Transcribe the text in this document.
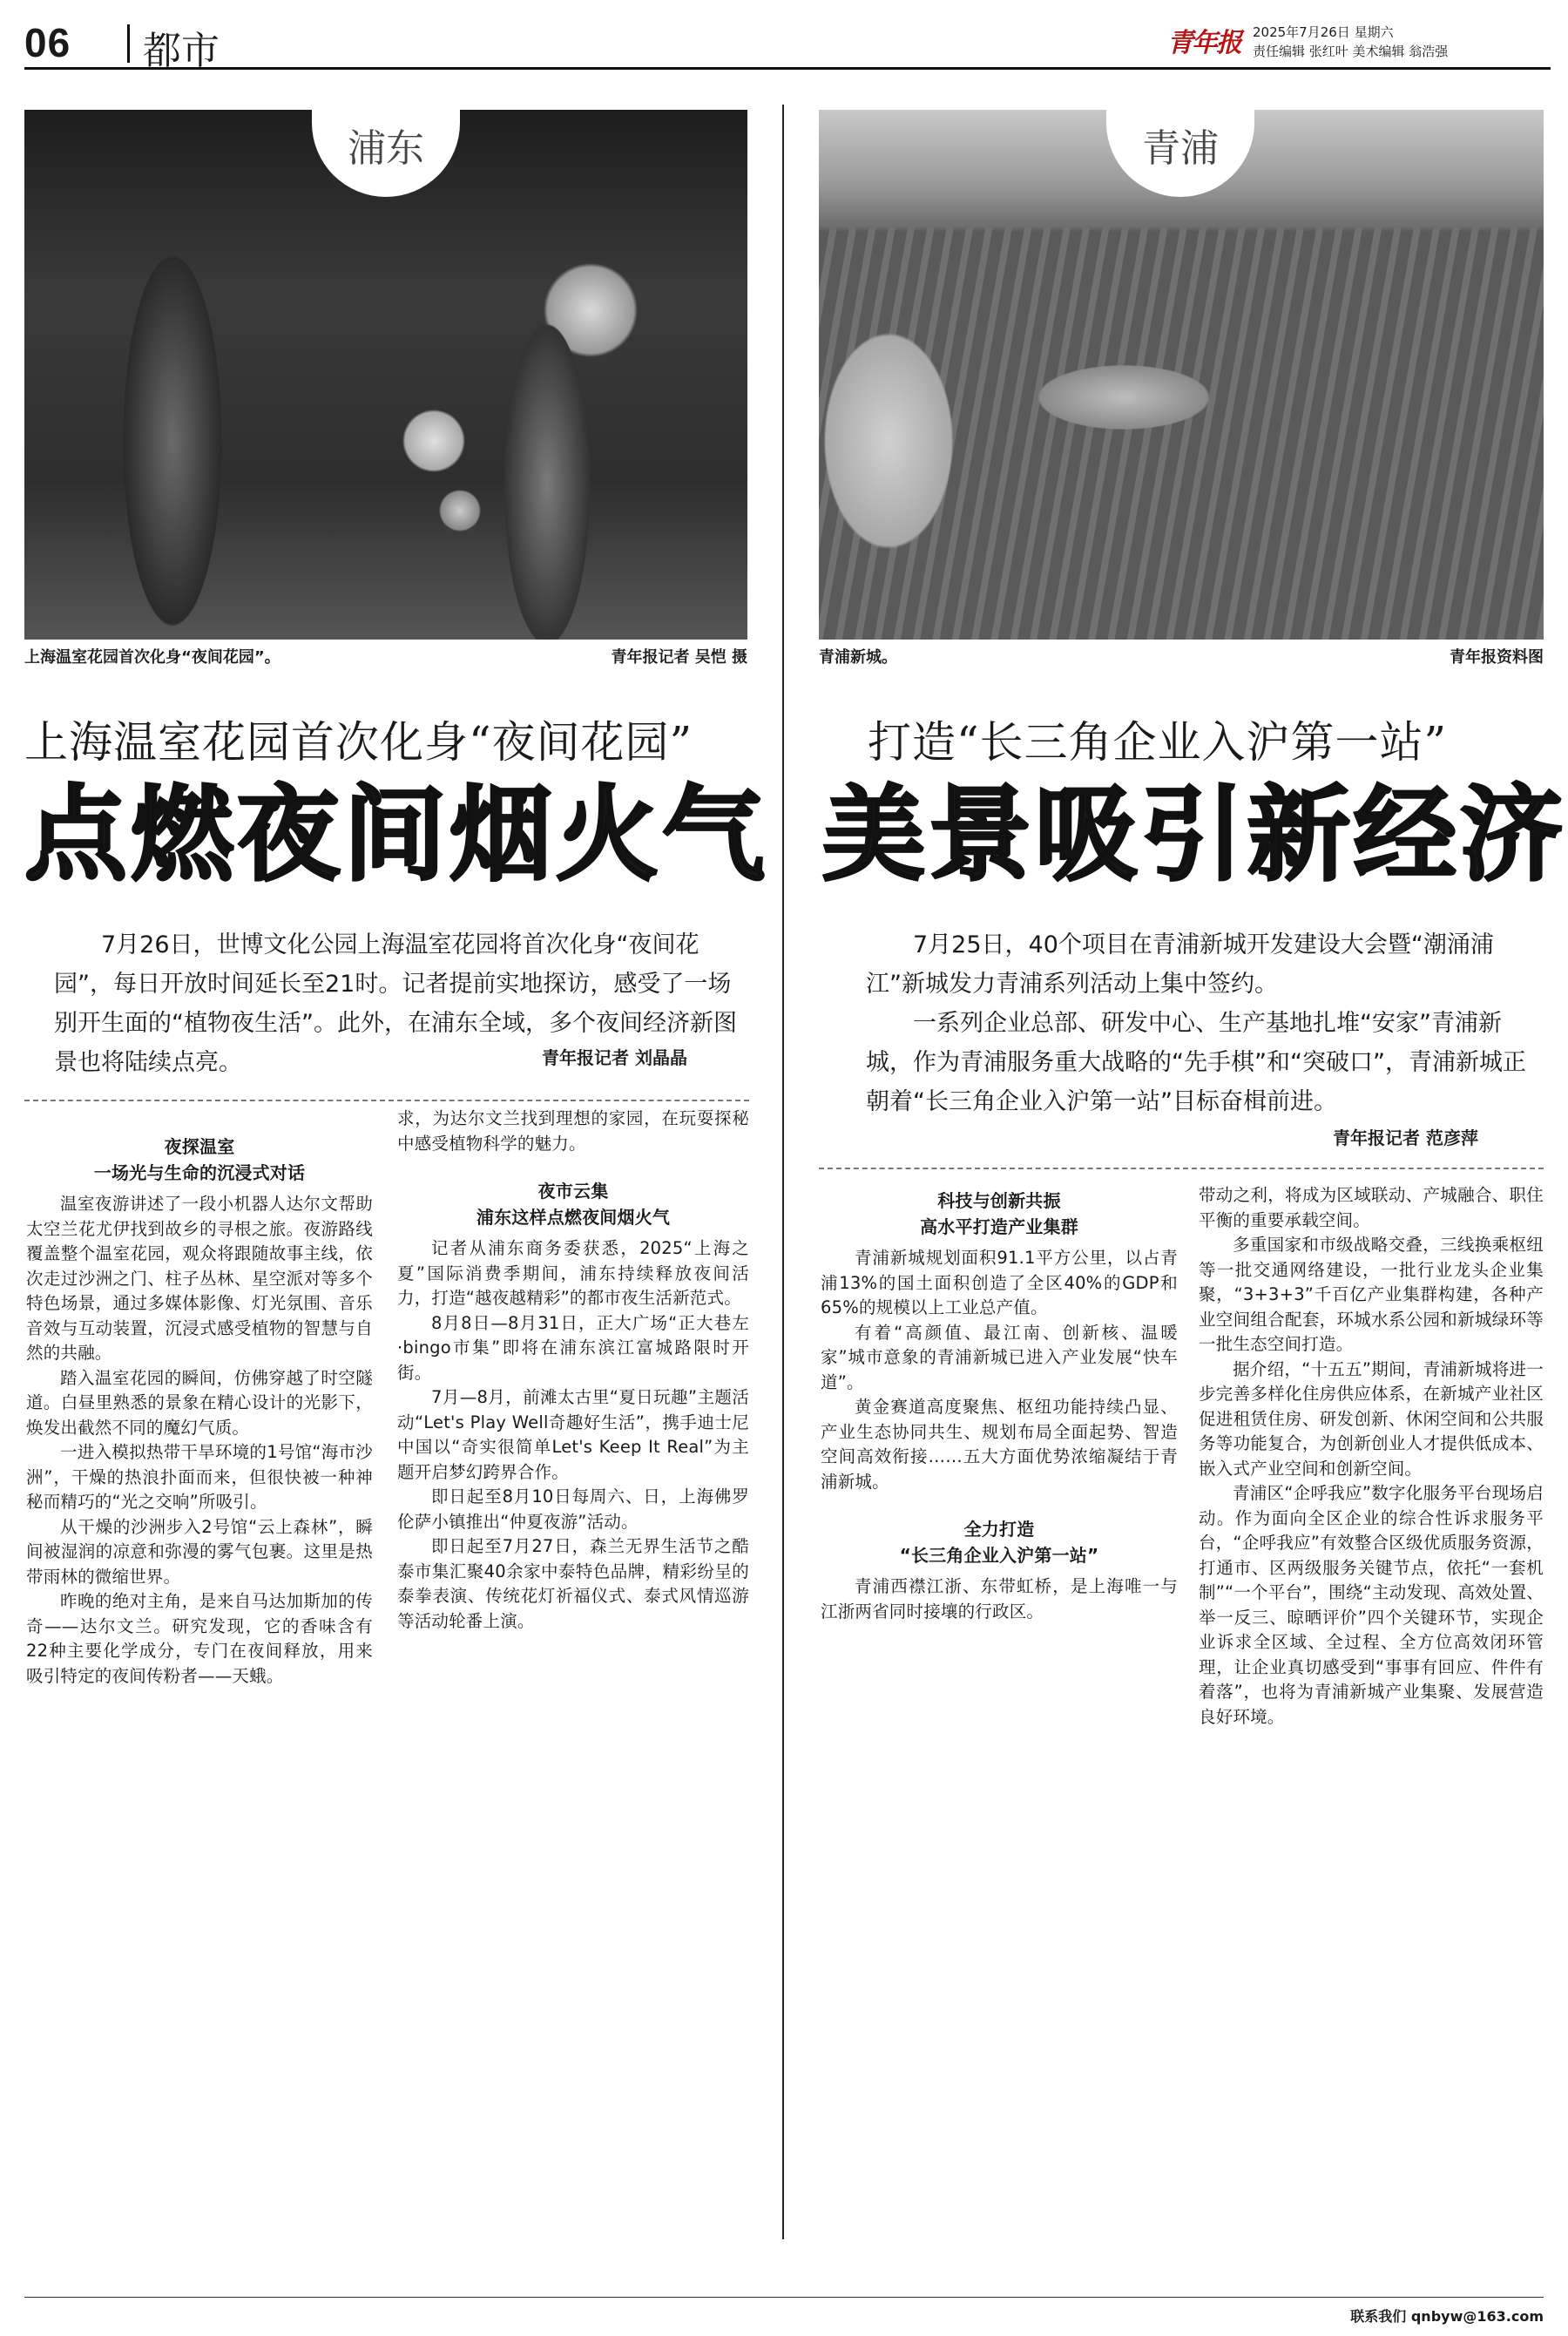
06 都市	青年报 2025年7月26日 星期六
责任编辑 张红叶 美术编辑 翁浩强
浦东
上海温室花园首次化身“夜间花园”。	青年报记者 吴恺 摄
上海温室花园首次化身“夜间花园”
点燃夜间烟火气
7月26日，世博文化公园上海温室花园将首次化身“夜间花园”，每日开放时间延长至21时。记者提前实地探访，感受了一场别开生面的“植物夜生活”。此外，在浦东全域，多个夜间经济新图景也将陆续点亮。	青年报记者 刘晶晶
夜探温室
一场光与生命的沉浸式对话

温室夜游讲述了一段小机器人达尔文帮助太空兰花尤伊找到故乡的寻根之旅。夜游路线覆盖整个温室花园，观众将跟随故事主线，依次走过沙洲之门、柱子丛林、星空派对等多个特色场景，通过多媒体影像、灯光氛围、音乐音效与互动装置，沉浸式感受植物的智慧与自然的共融。

踏入温室花园的瞬间，仿佛穿越了时空隧道。白昼里熟悉的景象在精心设计的光影下，焕发出截然不同的魔幻气质。

一进入模拟热带干旱环境的1号馆“海市沙洲”，干燥的热浪扑面而来，但很快被一种神秘而精巧的“光之交响”所吸引。

从干燥的沙洲步入2号馆“云上森林”，瞬间被湿润的凉意和弥漫的雾气包裹。这里是热带雨林的微缩世界。

昨晚的绝对主角，是来自马达加斯加的传奇——达尔文兰。研究发现，它的香味含有22种主要化学成分，专门在夜间释放，用来吸引特定的夜间传粉者——天蛾。

求，为达尔文兰找到理想的家园，在玩耍探秘中感受植物科学的魅力。

夜市云集
浦东这样点燃夜间烟火气

记者从浦东商务委获悉，2025“上海之夏”国际消费季期间，浦东持续释放夜间活力，打造“越夜越精彩”的都市夜生活新范式。

8月8日—8月31日，正大广场“正大巷左·bingo市集”即将在浦东滨江富城路限时开街。

7月—8月，前滩太古里“夏日玩趣”主题活动“Let's Play Well奇趣好生活”，携手迪士尼中国以“奇实很简单Let's Keep It Real”为主题开启梦幻跨界合作。

即日起至8月10日每周六、日，上海佛罗伦萨小镇推出“仲夏夜游”活动。

即日起至7月27日，森兰无界生活节之酷泰市集汇聚40余家中泰特色品牌，精彩纷呈的泰拳表演、传统花灯祈福仪式、泰式风情巡游等活动轮番上演。

青浦
青浦新城。	青年报资料图
打造“长三角企业入沪第一站”
美景吸引新经济

7月25日，40个项目在青浦新城开发建设大会暨“潮涌浦江”新城发力青浦系列活动上集中签约。

一系列企业总部、研发中心、生产基地扎堆“安家”青浦新城，作为青浦服务重大战略的“先手棋”和“突破口”，青浦新城正朝着“长三角企业入沪第一站”目标奋楫前进。

青年报记者 范彦萍
科技与创新共振
高水平打造产业集群

青浦新城规划面积91.1平方公里，以占青浦13%的国土面积创造了全区40%的GDP和65%的规模以上工业总产值。

有着“高颜值、最江南、创新核、温暖家”城市意象的青浦新城已进入产业发展“快车道”。

黄金赛道高度聚焦、枢纽功能持续凸显、产业生态协同共生、规划布局全面起势、智造空间高效衔接……五大方面优势浓缩凝结于青浦新城。

全力打造
“长三角企业入沪第一站”

青浦西襟江浙、东带虹桥，是上海唯一与江浙两省同时接壤的行政区。

带动之利，将成为区域联动、产城融合、职住平衡的重要承载空间。

多重国家和市级战略交叠，三线换乘枢纽等一批交通网络建设，一批行业龙头企业集聚，“3+3+3”千百亿产业集群构建，各种产业空间组合配套，环城水系公园和新城绿环等一批生态空间打造。

据介绍，“十五五”期间，青浦新城将进一步完善多样化住房供应体系，在新城产业社区促进租赁住房、研发创新、休闲空间和公共服务等功能复合，为创新创业人才提供低成本、嵌入式产业空间和创新空间。

青浦区“企呼我应”数字化服务平台现场启动。作为面向全区企业的综合性诉求服务平台，“企呼我应”有效整合区级优质服务资源，打通市、区两级服务关键节点，依托“一套机制”“一个平台”，围绕“主动发现、高效处置、举一反三、晾晒评价”四个关键环节，实现企业诉求全区域、全过程、全方位高效闭环管理，让企业真切感受到“事事有回应、件件有着落”，也将为青浦新城产业集聚、发展营造良好环境。

联系我们 qnbyw@163.com
